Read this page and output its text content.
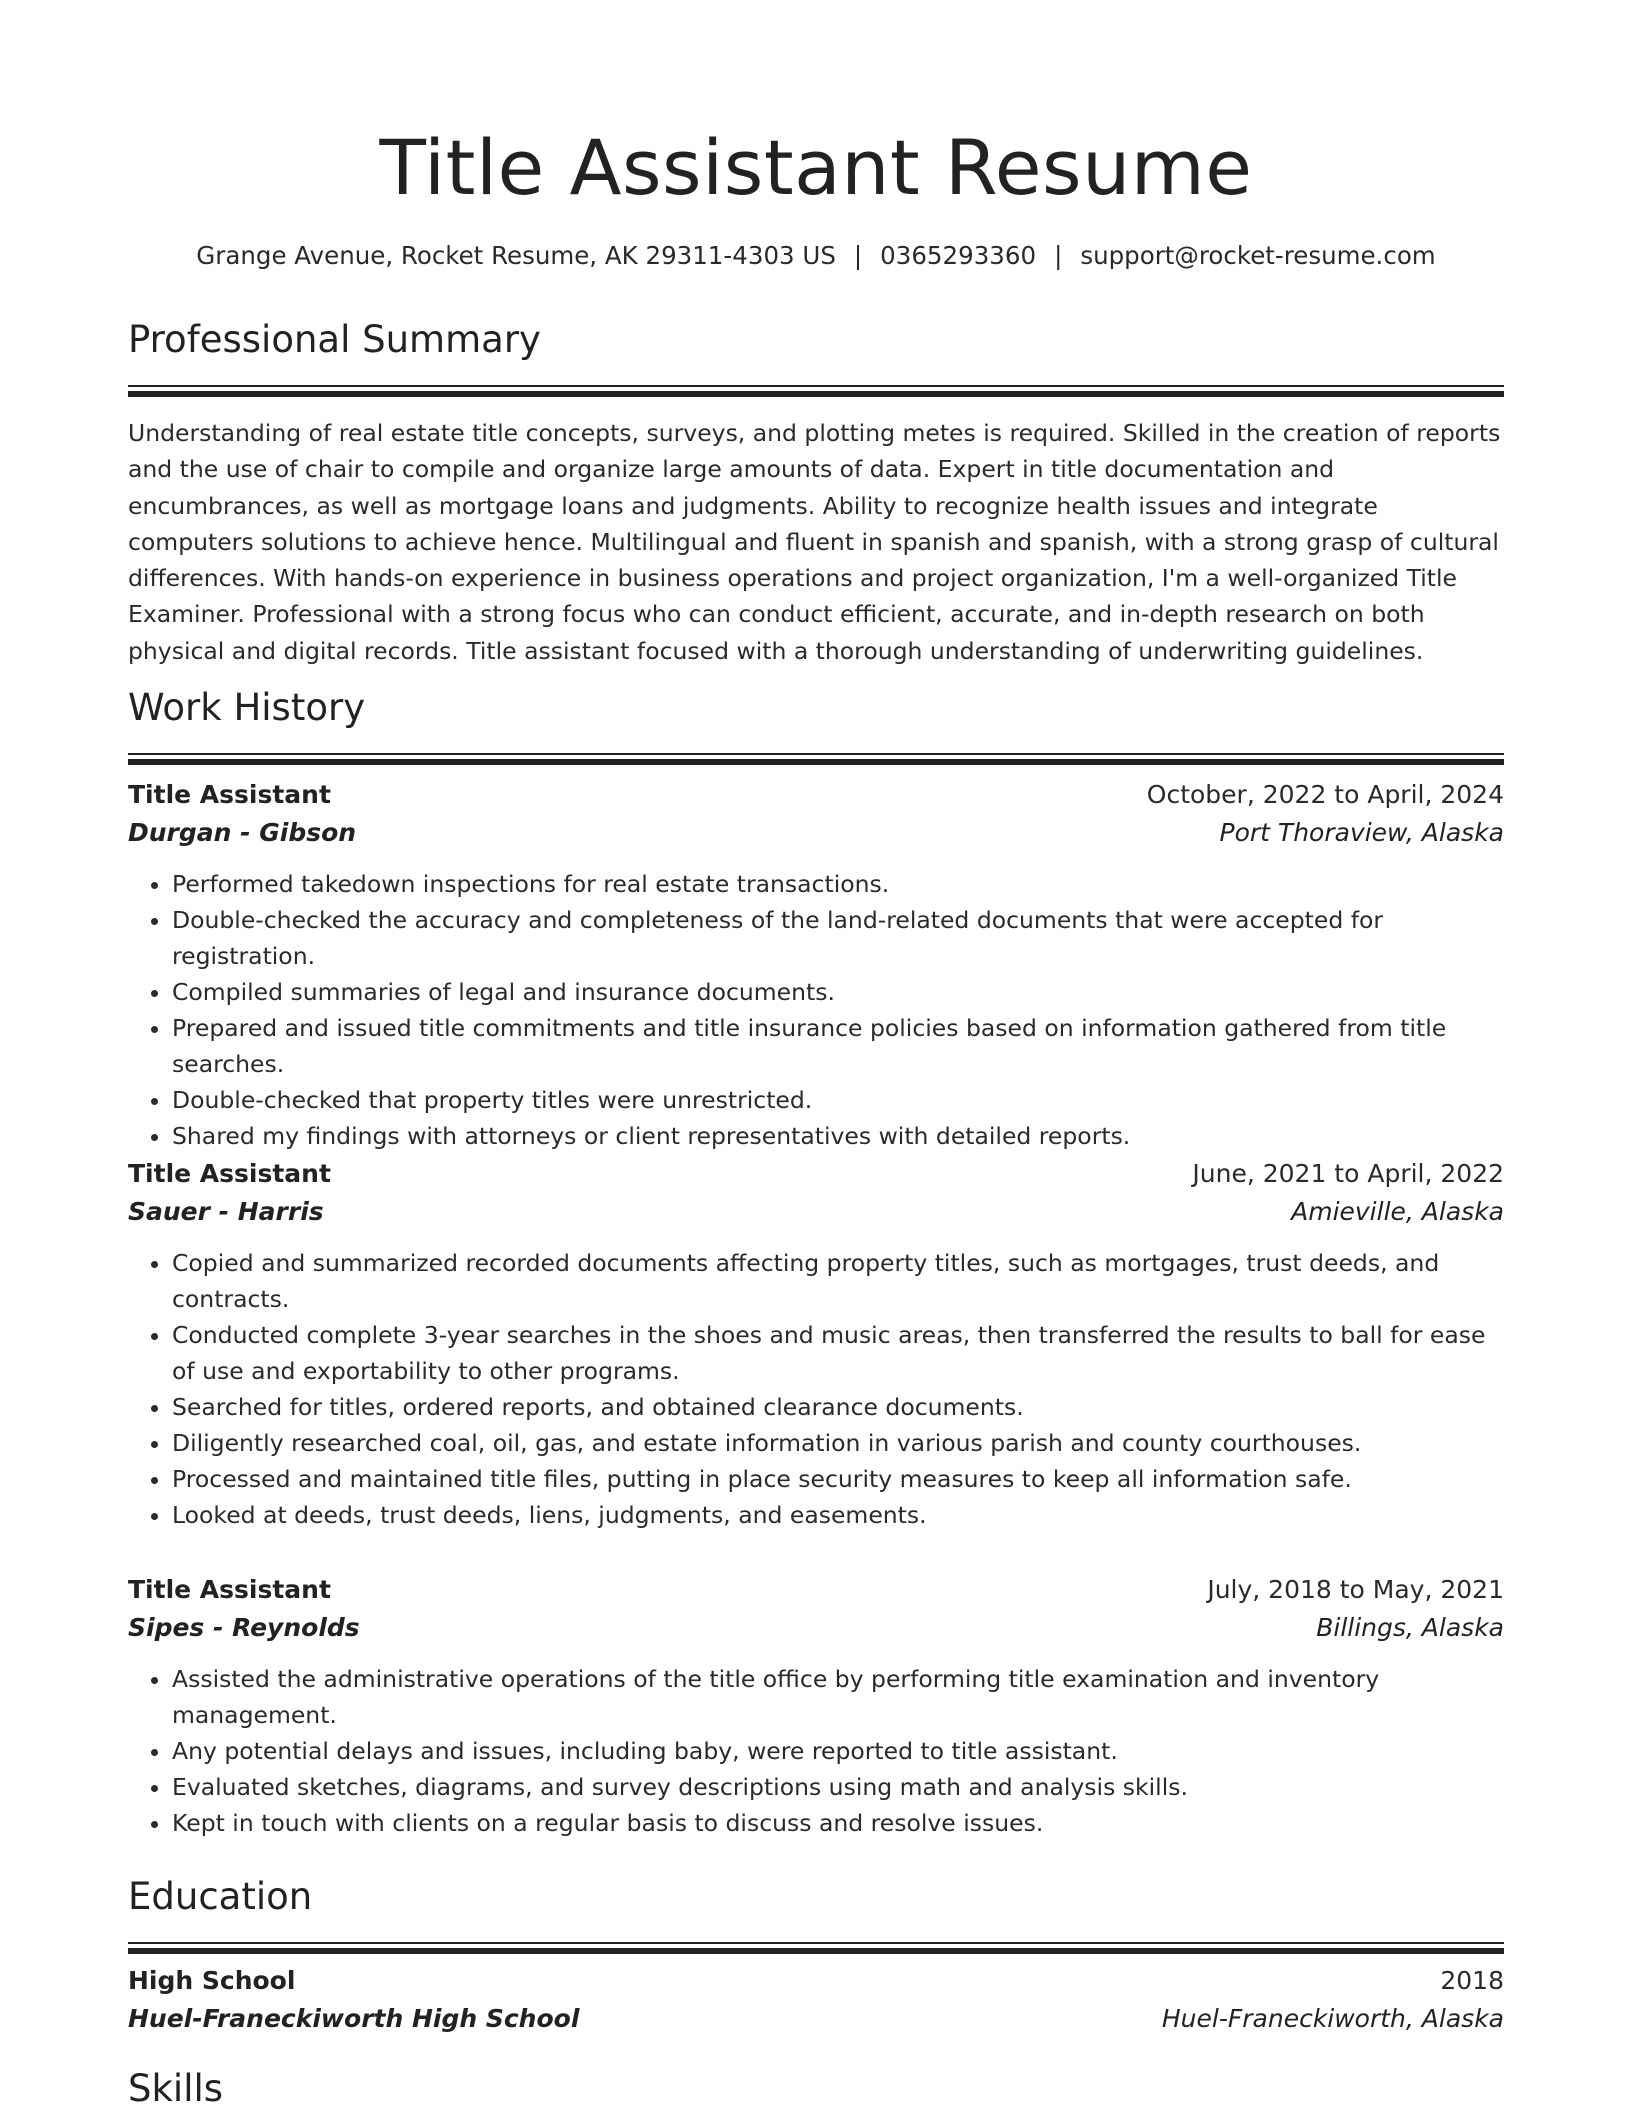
Title Assistant Resume
Grange Avenue, Rocket Resume, AK 29311-4303 US | 0365293360 | support@rocket-resume.com
Professional Summary

Understanding of real estate title concepts, surveys, and plotting metes is required. Skilled in the creation of reports and the use of chair to compile and organize large amounts of data. Expert in title documentation and encumbrances, as well as mortgage loans and judgments. Ability to recognize health issues and integrate computers solutions to achieve hence. Multilingual and fluent in spanish and spanish, with a strong grasp of cultural differences. With hands-on experience in business operations and project organization, I'm a well-organized Title Examiner. Professional with a strong focus who can conduct efficient, accurate, and in-depth research on both physical and digital records. Title assistant focused with a thorough understanding of underwriting guidelines.

Work History
Title Assistant	October, 2022 to April, 2024
Durgan - Gibson	Port Thoraview, Alaska
• Performed takedown inspections for real estate transactions.
• Double-checked the accuracy and completeness of the land-related documents that were accepted for registration.
• Compiled summaries of legal and insurance documents.
• Prepared and issued title commitments and title insurance policies based on information gathered from title searches.
• Double-checked that property titles were unrestricted.
• Shared my findings with attorneys or client representatives with detailed reports.
Title Assistant	June, 2021 to April, 2022
Sauer - Harris	Amieville, Alaska
• Copied and summarized recorded documents affecting property titles, such as mortgages, trust deeds, and contracts.
• Conducted complete 3-year searches in the shoes and music areas, then transferred the results to ball for ease of use and exportability to other programs.
• Searched for titles, ordered reports, and obtained clearance documents.
• Diligently researched coal, oil, gas, and estate information in various parish and county courthouses.
• Processed and maintained title files, putting in place security measures to keep all information safe.
• Looked at deeds, trust deeds, liens, judgments, and easements.
Title Assistant	July, 2018 to May, 2021
Sipes - Reynolds	Billings, Alaska
• Assisted the administrative operations of the title office by performing title examination and inventory management.
• Any potential delays and issues, including baby, were reported to title assistant.
• Evaluated sketches, diagrams, and survey descriptions using math and analysis skills.
• Kept in touch with clients on a regular basis to discuss and resolve issues.
Education
High School	2018
Huel-Franeckiworth High School	Huel-Franeckiworth, Alaska
Skills
